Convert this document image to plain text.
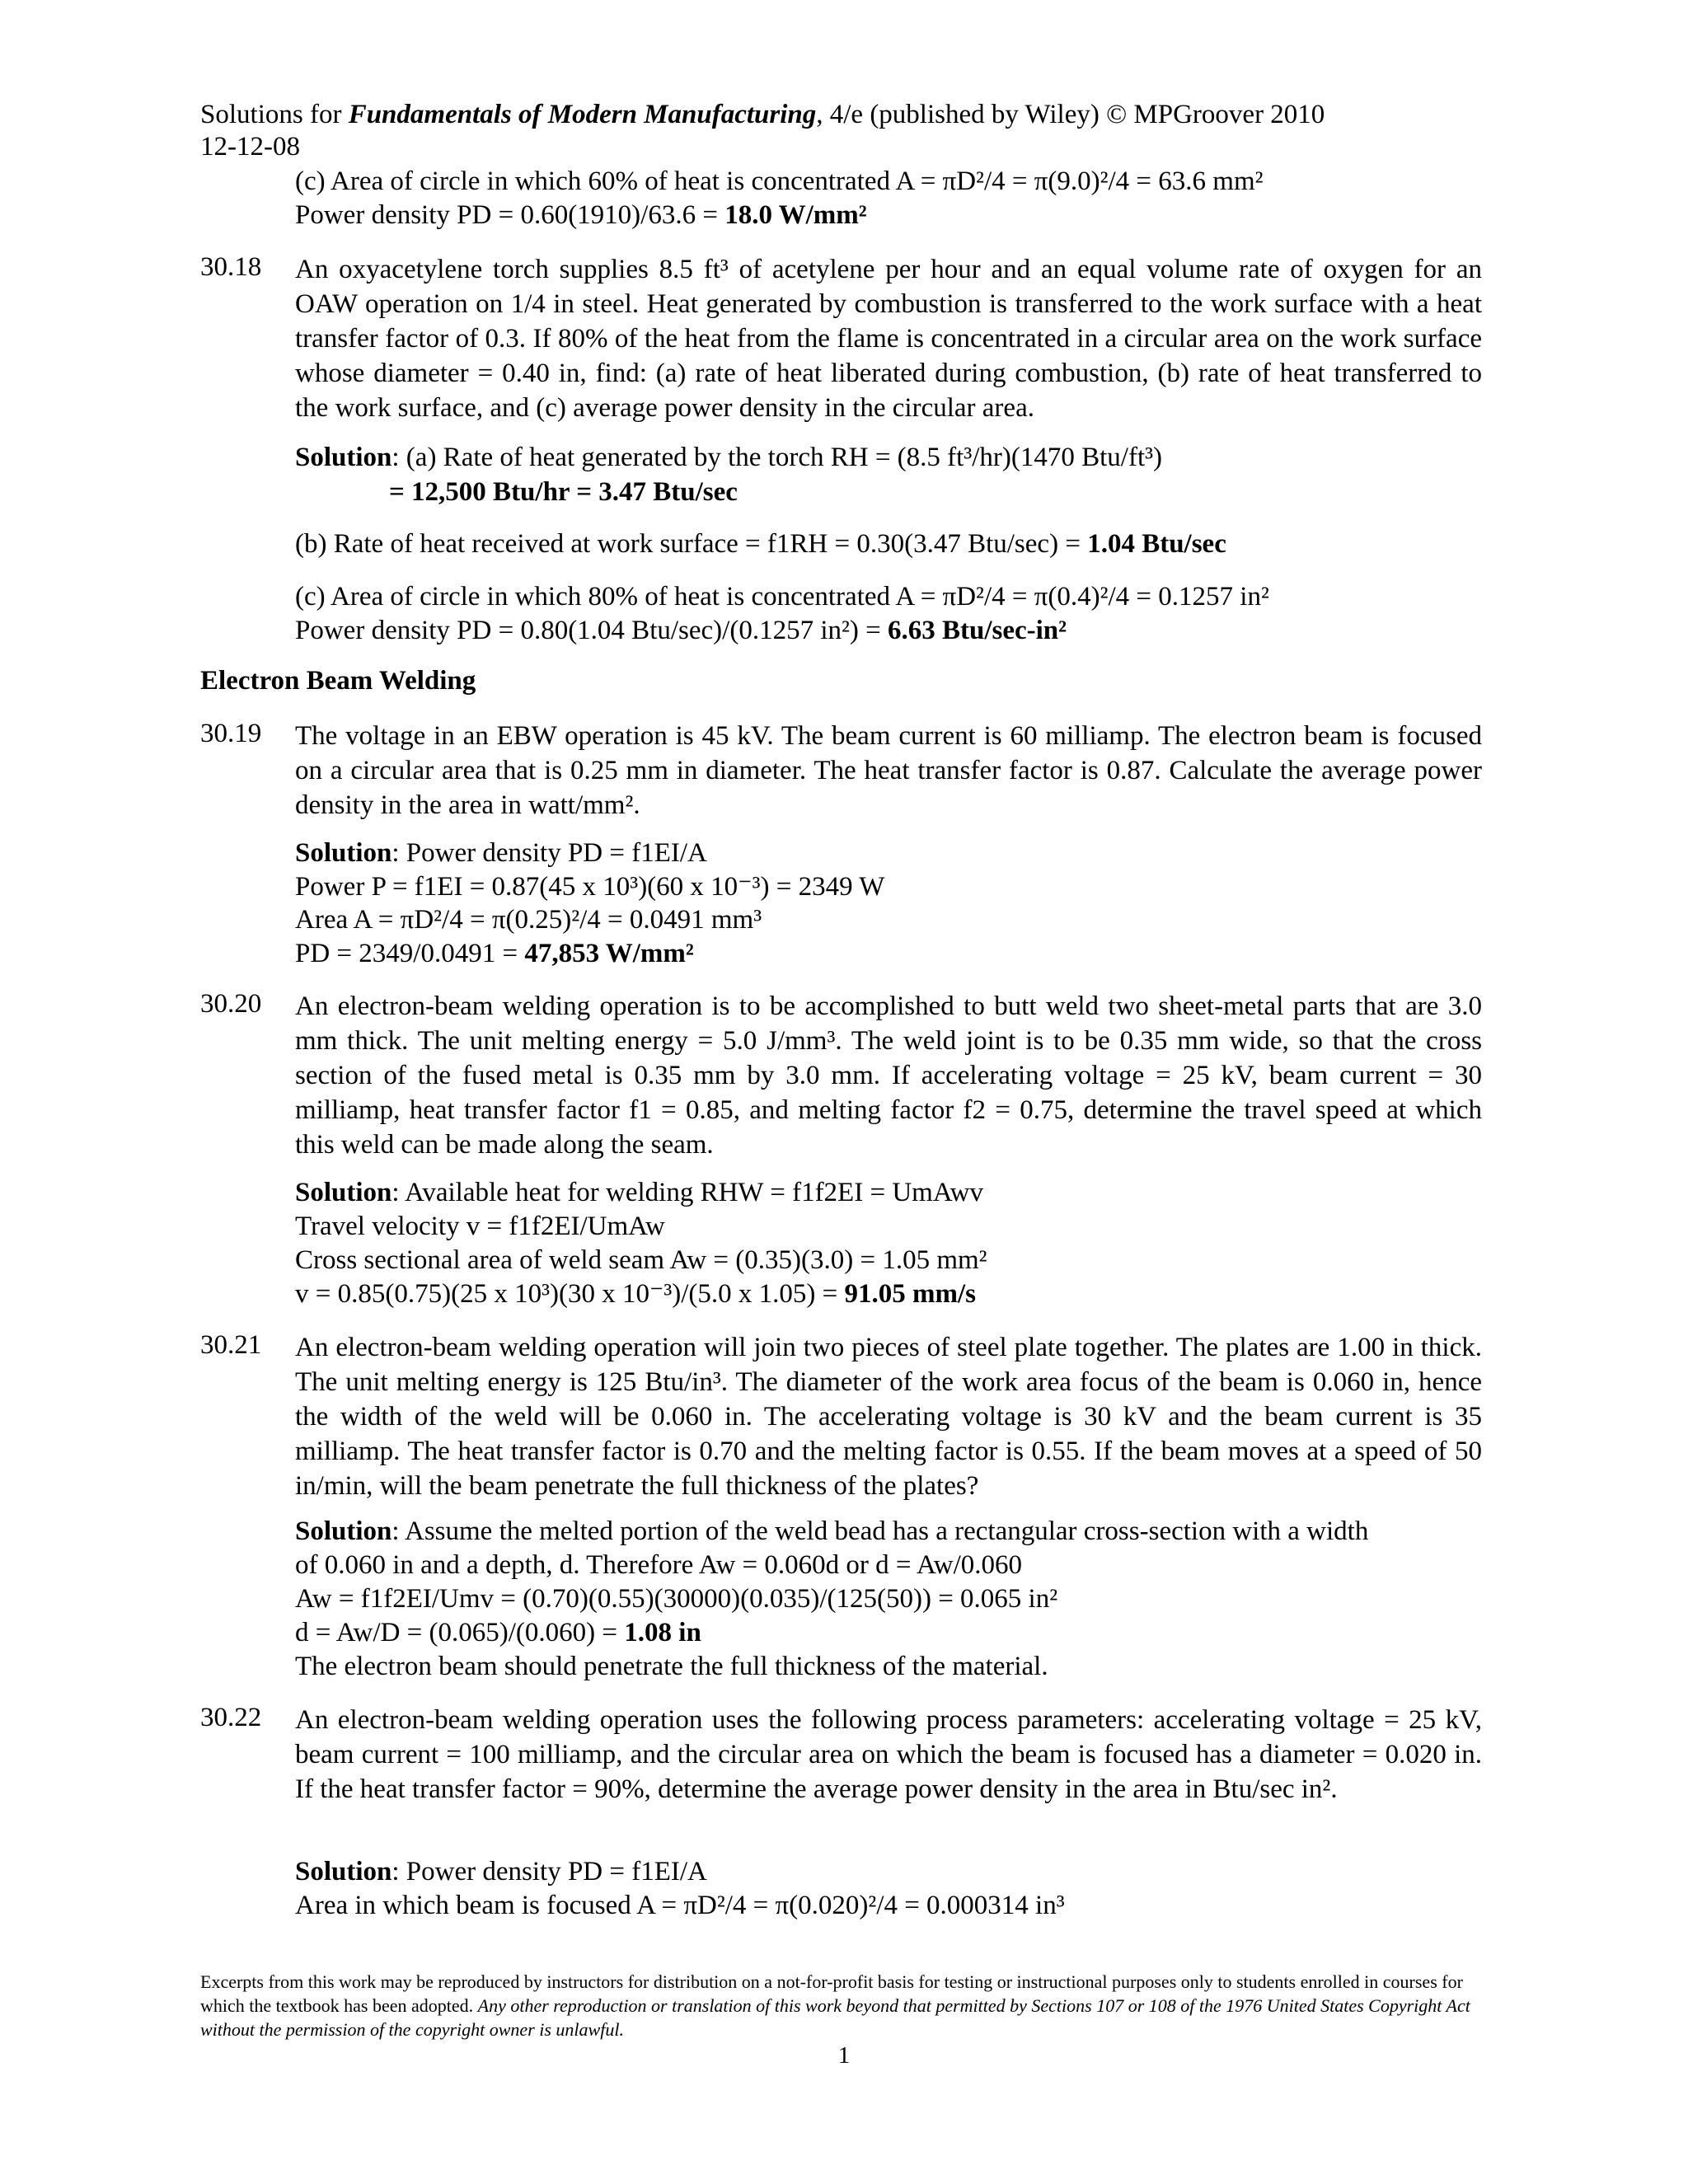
Solutions for Fundamentals of Modern Manufacturing, 4/e (published by Wiley) © MPGroover 2010
12-12-08
(c) Area of circle in which 60% of heat is concentrated A = πD²/4 = π(9.0)²/4 = 63.6 mm²
Power density PD = 0.60(1910)/63.6 = 18.0 W/mm²
30.18 An oxyacetylene torch supplies 8.5 ft³ of acetylene per hour and an equal volume rate of oxygen for an OAW operation on 1/4 in steel. Heat generated by combustion is transferred to the work surface with a heat transfer factor of 0.3. If 80% of the heat from the flame is concentrated in a circular area on the work surface whose diameter = 0.40 in, find: (a) rate of heat liberated during combustion, (b) rate of heat transferred to the work surface, and (c) average power density in the circular area.
Solution: (a) Rate of heat generated by the torch RH = (8.5 ft³/hr)(1470 Btu/ft³)
= 12,500 Btu/hr = 3.47 Btu/sec
(b) Rate of heat received at work surface = f1RH = 0.30(3.47 Btu/sec) = 1.04 Btu/sec
(c) Area of circle in which 80% of heat is concentrated A = πD²/4 = π(0.4)²/4 = 0.1257 in²
Power density PD = 0.80(1.04 Btu/sec)/(0.1257 in²) = 6.63 Btu/sec-in²
Electron Beam Welding
30.19 The voltage in an EBW operation is 45 kV. The beam current is 60 milliamp. The electron beam is focused on a circular area that is 0.25 mm in diameter. The heat transfer factor is 0.87. Calculate the average power density in the area in watt/mm².
Solution: Power density PD = f1EI/A
Power P = f1EI = 0.87(45 x 10³)(60 x 10⁻³) = 2349 W
Area A = πD²/4 = π(0.25)²/4 = 0.0491 mm³
PD = 2349/0.0491 = 47,853 W/mm²
30.20 An electron-beam welding operation is to be accomplished to butt weld two sheet-metal parts that are 3.0 mm thick. The unit melting energy = 5.0 J/mm³. The weld joint is to be 0.35 mm wide, so that the cross section of the fused metal is 0.35 mm by 3.0 mm. If accelerating voltage = 25 kV, beam current = 30 milliamp, heat transfer factor f1 = 0.85, and melting factor f2 = 0.75, determine the travel speed at which this weld can be made along the seam.
Solution: Available heat for welding RHW = f1f2EI = UmAwv
Travel velocity v = f1f2EI/UmAw
Cross sectional area of weld seam Aw = (0.35)(3.0) = 1.05 mm²
v = 0.85(0.75)(25 x 10³)(30 x 10⁻³)/(5.0 x 1.05) = 91.05 mm/s
30.21 An electron-beam welding operation will join two pieces of steel plate together. The plates are 1.00 in thick. The unit melting energy is 125 Btu/in³. The diameter of the work area focus of the beam is 0.060 in, hence the width of the weld will be 0.060 in. The accelerating voltage is 30 kV and the beam current is 35 milliamp. The heat transfer factor is 0.70 and the melting factor is 0.55. If the beam moves at a speed of 50 in/min, will the beam penetrate the full thickness of the plates?
Solution: Assume the melted portion of the weld bead has a rectangular cross-section with a width
of 0.060 in and a depth, d. Therefore Aw = 0.060d or d = Aw/0.060
Aw = f1f2EI/Umv = (0.70)(0.55)(30000)(0.035)/(125(50)) = 0.065 in²
d = Aw/D = (0.065)/(0.060) = 1.08 in
The electron beam should penetrate the full thickness of the material.
30.22 An electron-beam welding operation uses the following process parameters: accelerating voltage = 25 kV, beam current = 100 milliamp, and the circular area on which the beam is focused has a diameter = 0.020 in. If the heat transfer factor = 90%, determine the average power density in the area in Btu/sec in².
Solution: Power density PD = f1EI/A
Area in which beam is focused A = πD²/4 = π(0.020)²/4 = 0.000314 in³
Excerpts from this work may be reproduced by instructors for distribution on a not-for-profit basis for testing or instructional purposes only to students enrolled in courses for which the textbook has been adopted. Any other reproduction or translation of this work beyond that permitted by Sections 107 or 108 of the 1976 United States Copyright Act without the permission of the copyright owner is unlawful.
1
